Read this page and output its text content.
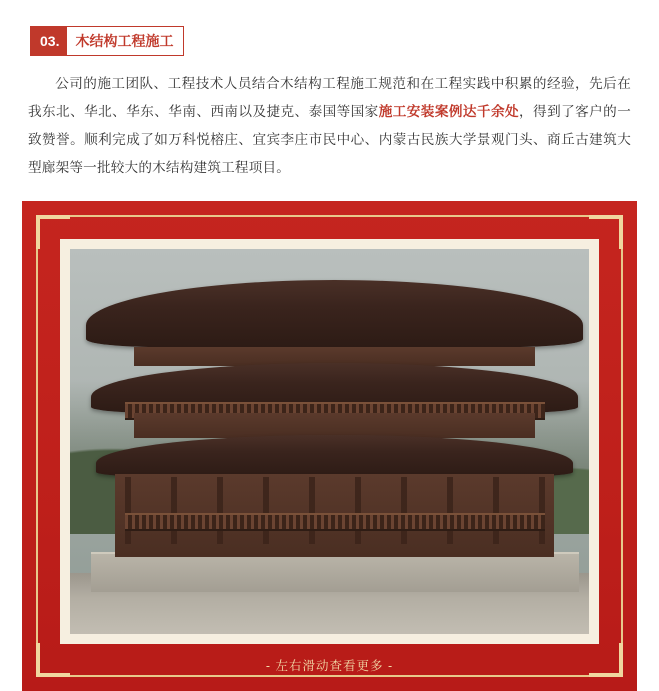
03.	木结构工程施工

公司的施工团队、工程技术人员结合木结构工程施工规范和在工程实践中积累的经验，先后在我东北、华北、华东、华南、西南以及捷克、泰国等国家施工安装案例达千余处，得到了客户的一致赞誉。顺利完成了如万科悦榕庄、宜宾李庄市民中心、内蒙古民族大学景观门头、商丘古建筑大型廊架等一批较大的木结构建筑工程项目。

- 左右滑动查看更多 -
